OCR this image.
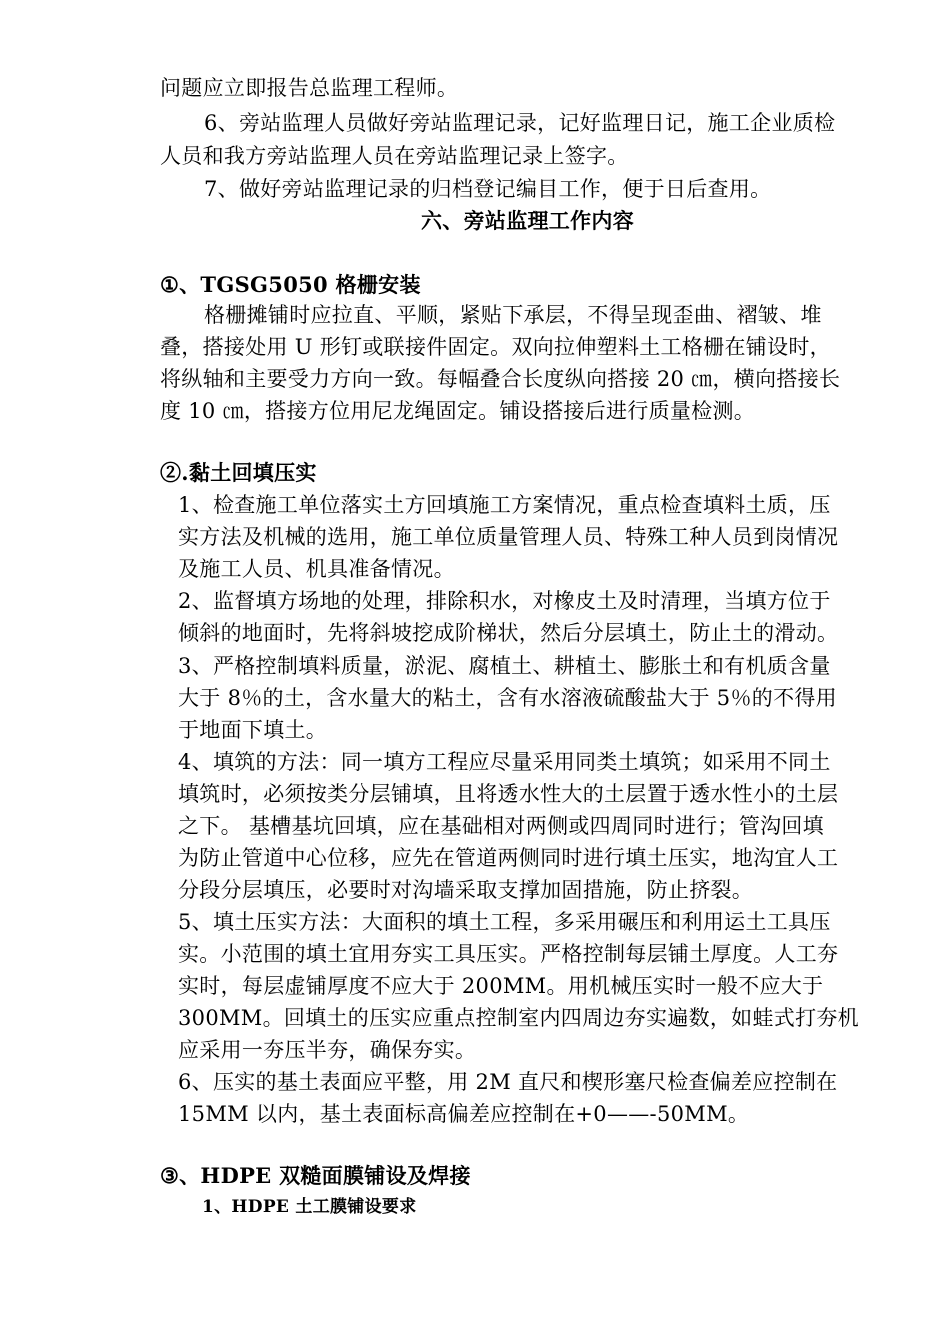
问题应立即报告总监理工程师。

6、旁站监理人员做好旁站监理记录，记好监理日记，施工企业质检

人员和我方旁站监理人员在旁站监理记录上签字。

7、做好旁站监理记录的归档登记编目工作，便于日后查用。

六、旁站监理工作内容

①、TGSG5050 格栅安装

格栅摊铺时应拉直、平顺，紧贴下承层，不得呈现歪曲、褶皱、堆

叠，搭接处用 U 形钉或联接件固定。双向拉伸塑料土工格栅在铺设时，

将纵轴和主要受力方向一致。每幅叠合长度纵向搭接 20 ㎝，横向搭接长

度 10 ㎝，搭接方位用尼龙绳固定。铺设搭接后进行质量检测。

②.黏土回填压实

1、检查施工单位落实土方回填施工方案情况，重点检查填料土质，压

实方法及机械的选用，施工单位质量管理人员、特殊工种人员到岗情况

及施工人员、机具准备情况。

2、监督填方场地的处理，排除积水，对橡皮土及时清理，当填方位于

倾斜的地面时，先将斜坡挖成阶梯状，然后分层填土，防止土的滑动。

3、严格控制填料质量，淤泥、腐植土、耕植土、膨胀土和有机质含量

大于 8％的土，含水量大的粘土，含有水溶液硫酸盐大于 5％的不得用

于地面下填土。

4、填筑的方法：同一填方工程应尽量采用同类土填筑；如采用不同土

填筑时，必须按类分层铺填，且将透水性大的土层置于透水性小的土层

之下。 基槽基坑回填，应在基础相对两侧或四周同时进行；管沟回填

为防止管道中心位移，应先在管道两侧同时进行填土压实，地沟宜人工

分段分层填压，必要时对沟墙采取支撑加固措施，防止挤裂。

5、填土压实方法：大面积的填土工程，多采用碾压和利用运土工具压

实。小范围的填土宜用夯实工具压实。严格控制每层铺土厚度。人工夯

实时，每层虚铺厚度不应大于 200MM。用机械压实时一般不应大于

300MM。回填土的压实应重点控制室内四周边夯实遍数，如蛙式打夯机

应采用一夯压半夯，确保夯实。

6、压实的基土表面应平整，用 2M 直尺和楔形塞尺检查偏差应控制在

15MM 以内，基土表面标高偏差应控制在+0——-50MM。

③、HDPE 双糙面膜铺设及焊接

1、HDPE 土工膜铺设要求
